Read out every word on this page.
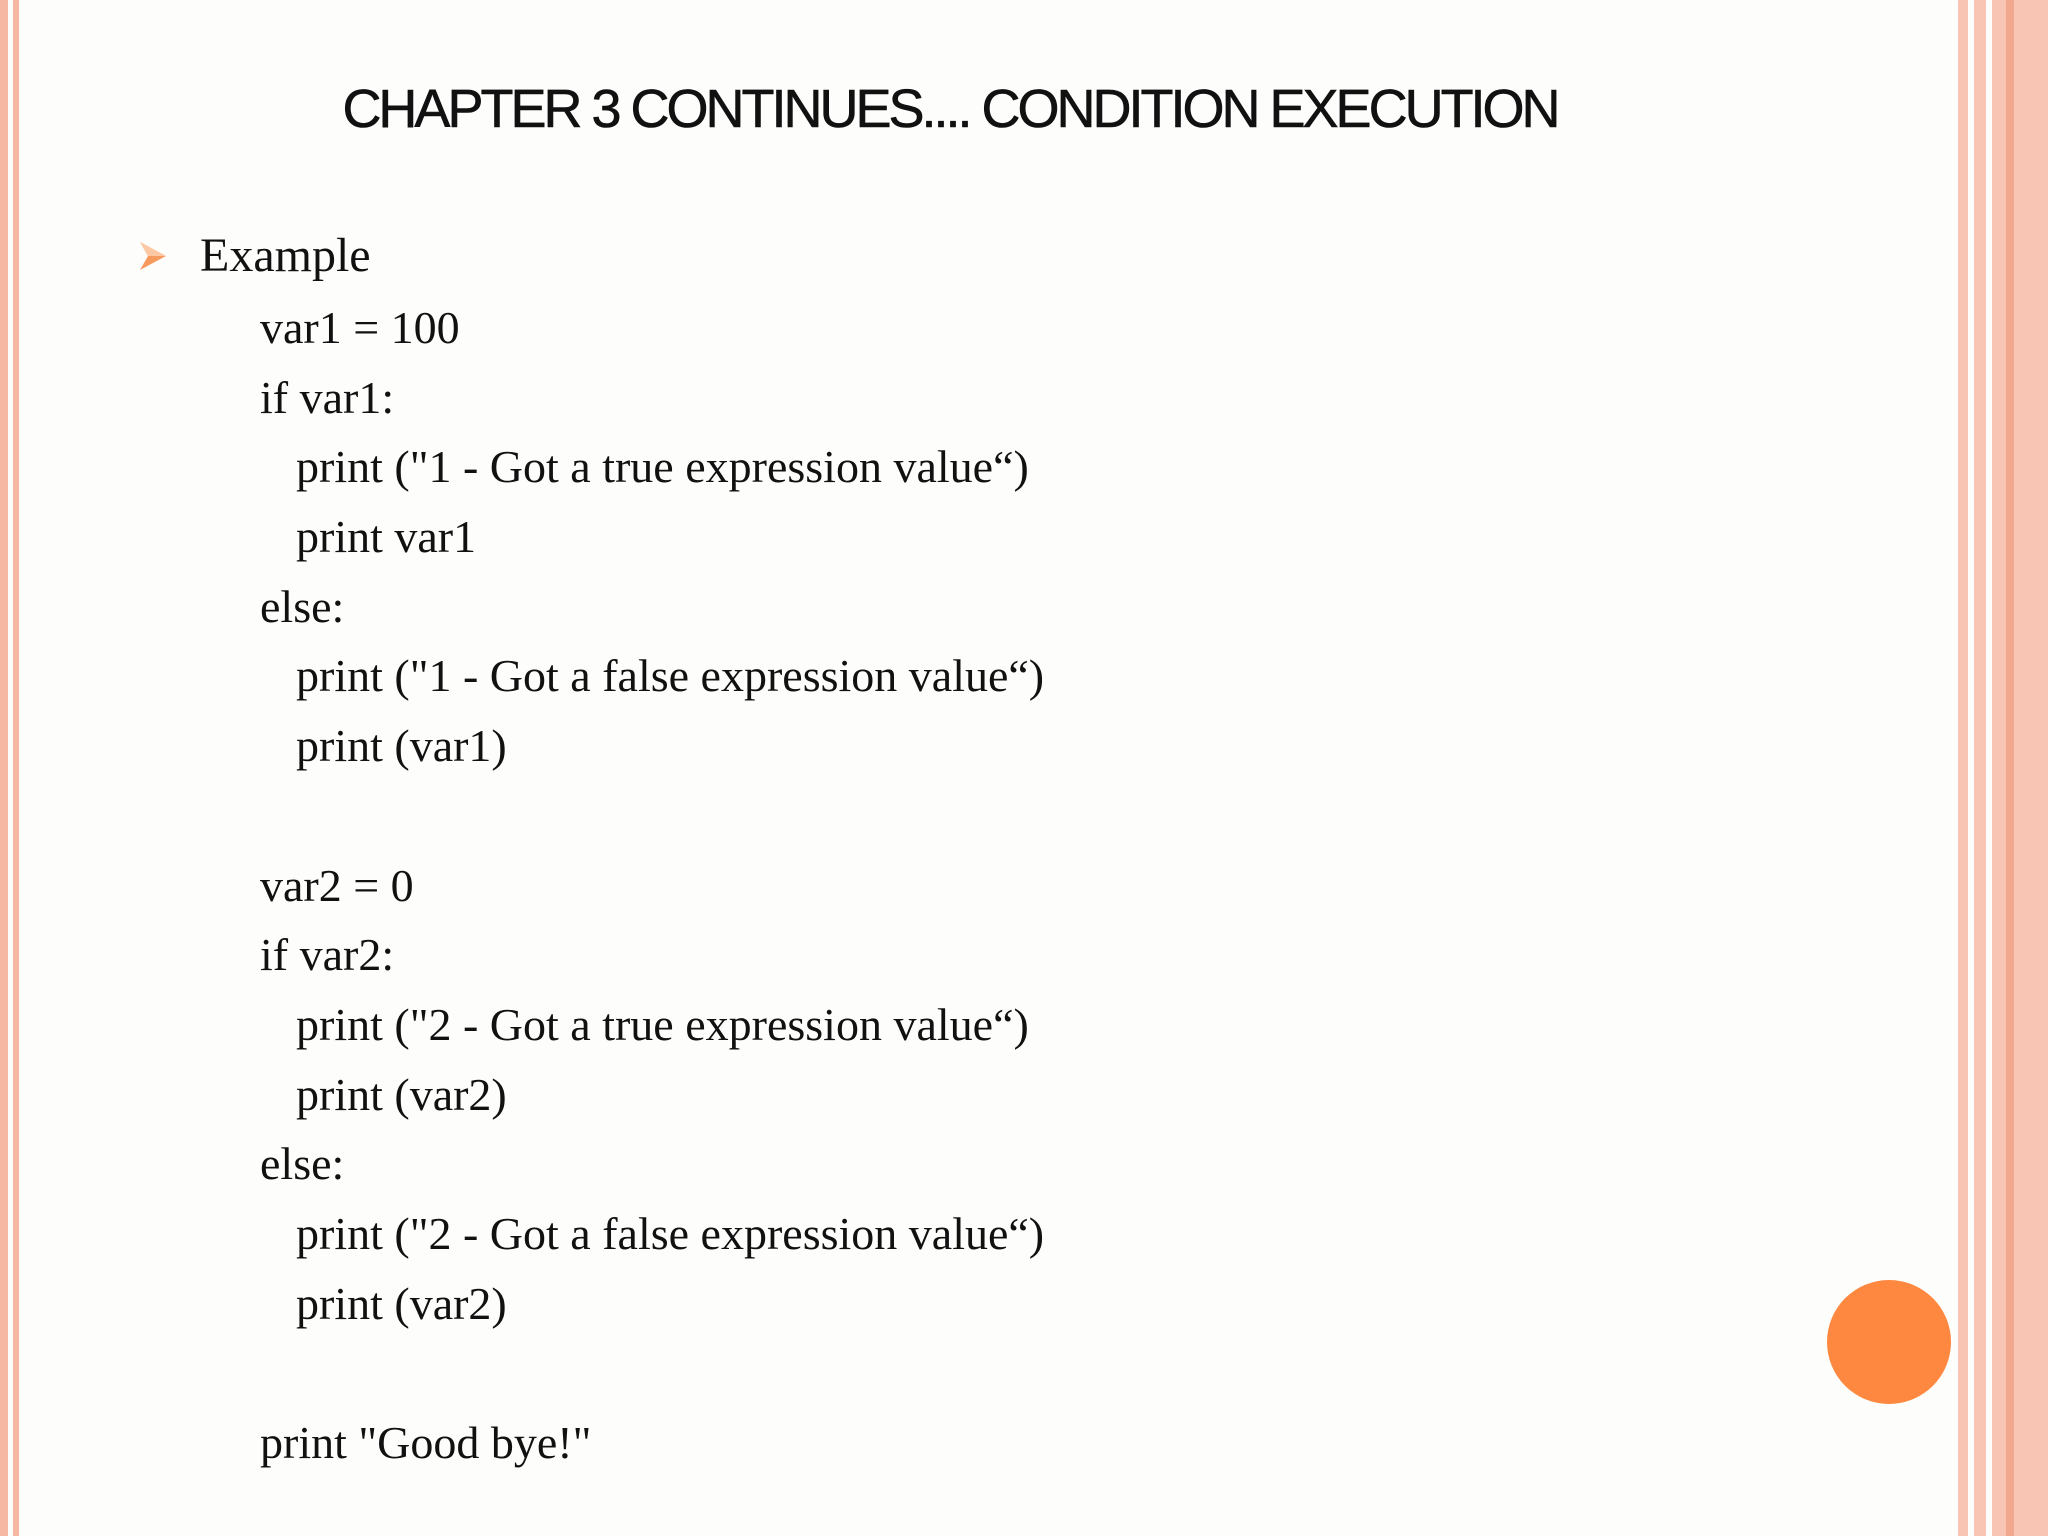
CHAPTER 3 CONTINUES.... CONDITION EXECUTION
Example
var1 = 100
if var1:
print ("1 - Got a true expression value“)
print var1
else:
print ("1 - Got a false expression value“)
print (var1)
var2 = 0
if var2:
print ("2 - Got a true expression value“)
print (var2)
else:
print ("2 - Got a false expression value“)
print (var2)
print "Good bye!"
